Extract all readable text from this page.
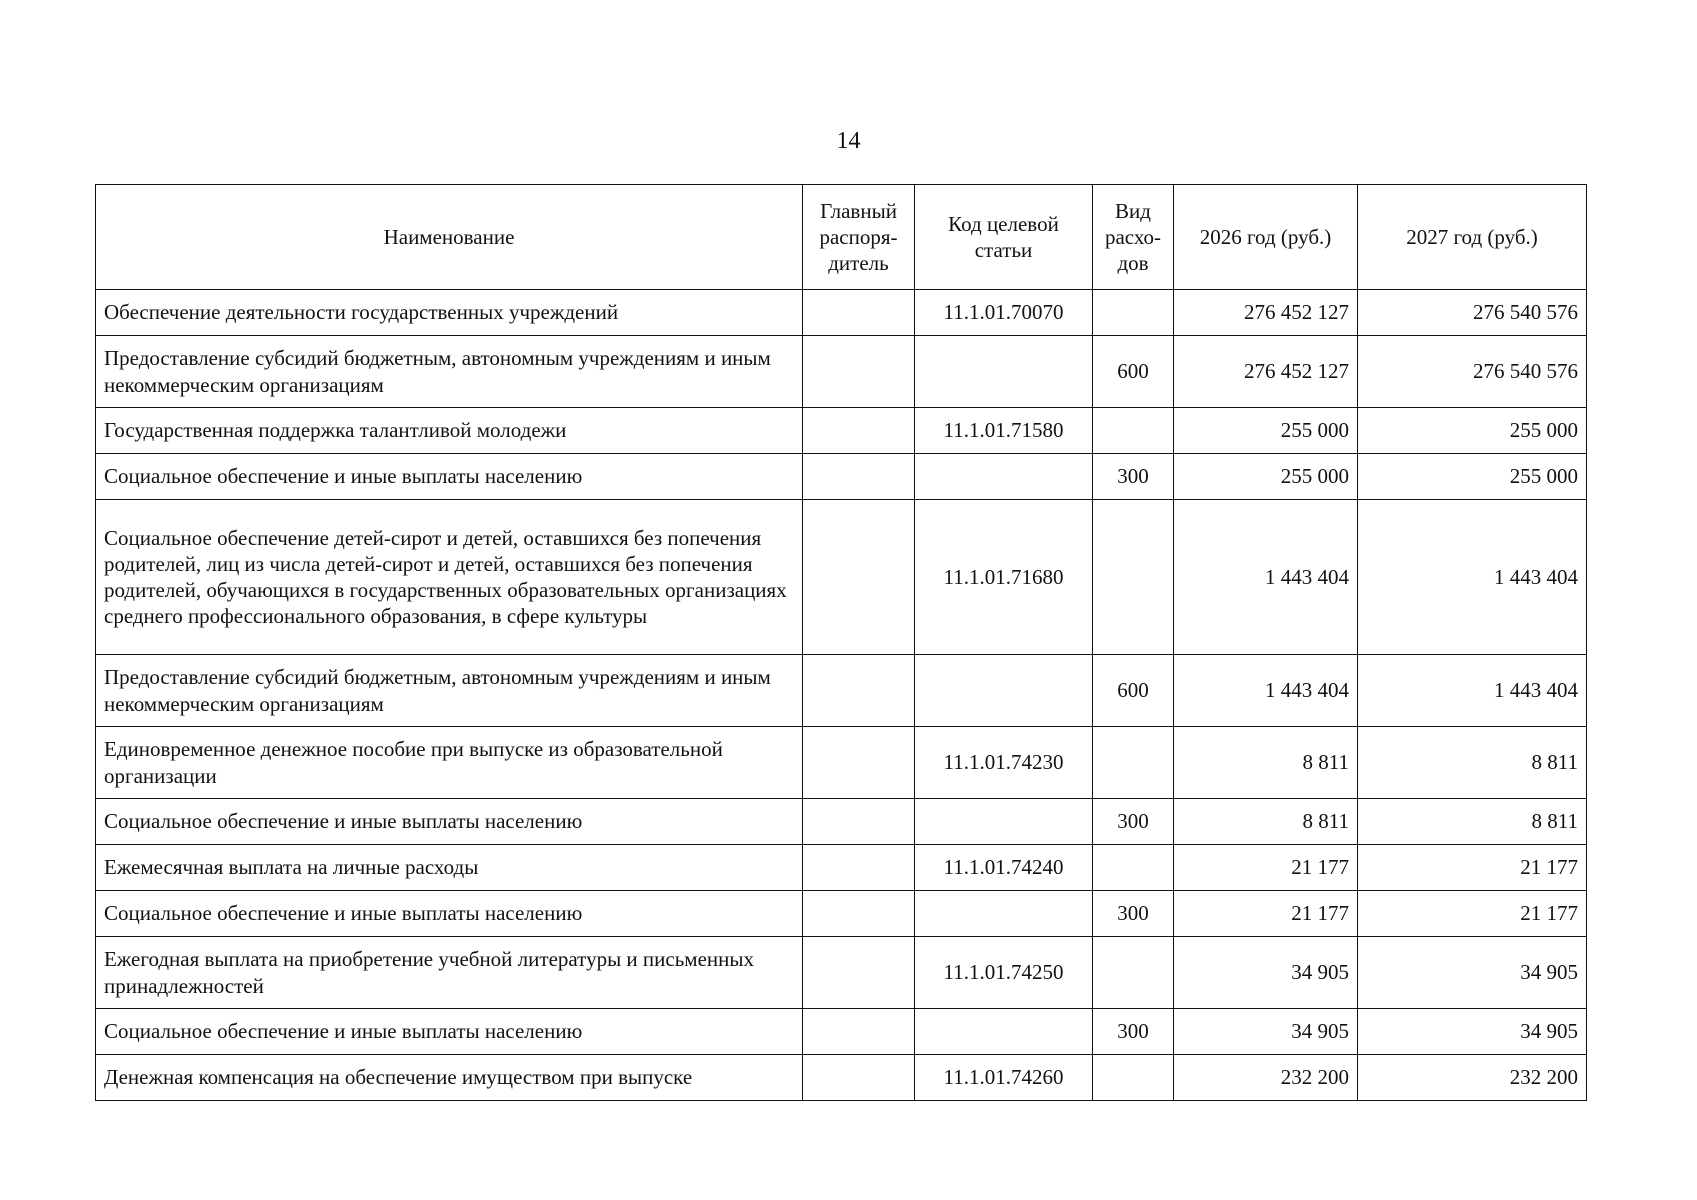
14
Наименование	Главный распоря-дитель	Код целевой статьи	Вид расхо-дов	2026 год (руб.)	2027 год (руб.)
Обеспечение деятельности государственных учреждений		11.1.01.70070		276 452 127	276 540 576
Предоставление субсидий бюджетным, автономным учреждениям и иным некоммерческим организациям			600	276 452 127	276 540 576
Государственная поддержка талантливой молодежи		11.1.01.71580		255 000	255 000
Социальное обеспечение и иные выплаты населению			300	255 000	255 000
Социальное обеспечение детей-сирот и детей, оставшихся без попечения родителей, лиц из числа детей-сирот и детей, оставшихся без попечения родителей, обучающихся в государственных образовательных организациях среднего профессионального образования, в сфере культуры		11.1.01.71680		1 443 404	1 443 404
Предоставление субсидий бюджетным, автономным учреждениям и иным некоммерческим организациям			600	1 443 404	1 443 404
Единовременное денежное пособие при выпуске из образовательной организации		11.1.01.74230		8 811	8 811
Социальное обеспечение и иные выплаты населению			300	8 811	8 811
Ежемесячная выплата на личные расходы		11.1.01.74240		21 177	21 177
Социальное обеспечение и иные выплаты населению			300	21 177	21 177
Ежегодная выплата на приобретение учебной литературы и письменных принадлежностей		11.1.01.74250		34 905	34 905
Социальное обеспечение и иные выплаты населению			300	34 905	34 905
Денежная компенсация на обеспечение имуществом при выпуске		11.1.01.74260		232 200	232 200
